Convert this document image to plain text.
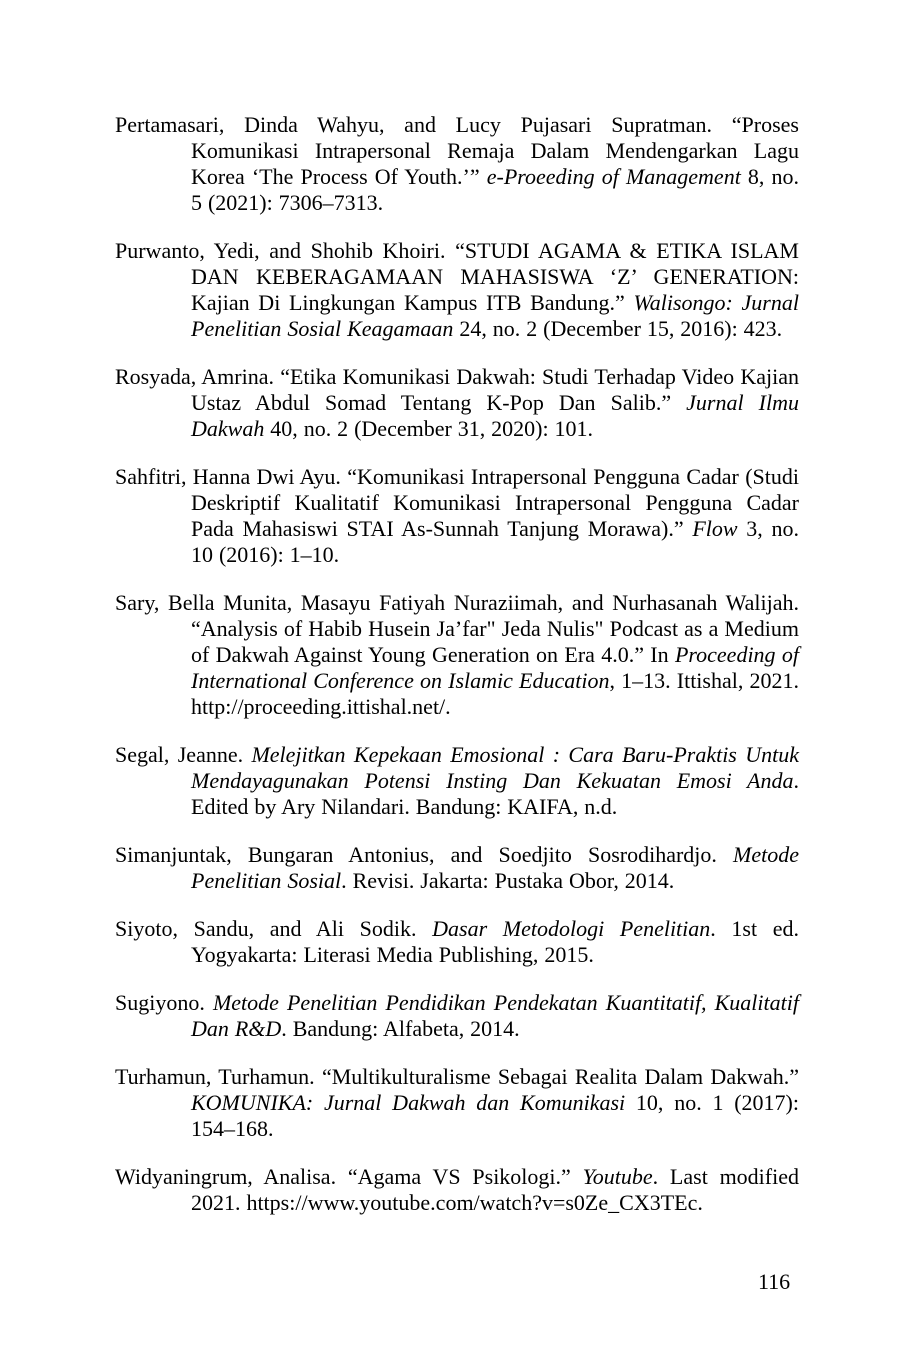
Pertamasari, Dinda Wahyu, and Lucy Pujasari Supratman. “Proses Komunikasi Intrapersonal Remaja Dalam Mendengarkan Lagu Korea ‘The Process Of Youth.’” e-Proeeding of Management 8, no. 5 (2021): 7306–7313.

Purwanto, Yedi, and Shohib Khoiri. “STUDI AGAMA & ETIKA ISLAM DAN KEBERAGAMAAN MAHASISWA ‘Z’ GENERATION: Kajian Di Lingkungan Kampus ITB Bandung.” Walisongo: Jurnal Penelitian Sosial Keagamaan 24, no. 2 (December 15, 2016): 423.

Rosyada, Amrina. “Etika Komunikasi Dakwah: Studi Terhadap Video Kajian Ustaz Abdul Somad Tentang K-Pop Dan Salib.” Jurnal Ilmu Dakwah 40, no. 2 (December 31, 2020): 101.

Sahfitri, Hanna Dwi Ayu. “Komunikasi Intrapersonal Pengguna Cadar (Studi Deskriptif Kualitatif Komunikasi Intrapersonal Pengguna Cadar Pada Mahasiswi STAI As-Sunnah Tanjung Morawa).” Flow 3, no. 10 (2016): 1–10.

Sary, Bella Munita, Masayu Fatiyah Nuraziimah, and Nurhasanah Walijah. “Analysis of Habib Husein Ja’far" Jeda Nulis" Podcast as a Medium of Dakwah Against Young Generation on Era 4.0.” In Proceeding of International Conference on Islamic Education, 1–13. Ittishal, 2021. http://proceeding.ittishal.net/.

Segal, Jeanne. Melejitkan Kepekaan Emosional : Cara Baru-Praktis Untuk Mendayagunakan Potensi Insting Dan Kekuatan Emosi Anda. Edited by Ary Nilandari. Bandung: KAIFA, n.d.

Simanjuntak, Bungaran Antonius, and Soedjito Sosrodihardjo. Metode Penelitian Sosial. Revisi. Jakarta: Pustaka Obor, 2014.

Siyoto, Sandu, and Ali Sodik. Dasar Metodologi Penelitian. 1st ed. Yogyakarta: Literasi Media Publishing, 2015.

Sugiyono. Metode Penelitian Pendidikan Pendekatan Kuantitatif, Kualitatif Dan R&D. Bandung: Alfabeta, 2014.

Turhamun, Turhamun. “Multikulturalisme Sebagai Realita Dalam Dakwah.” KOMUNIKA: Jurnal Dakwah dan Komunikasi 10, no. 1 (2017): 154–168.

Widyaningrum, Analisa. “Agama VS Psikologi.” Youtube. Last modified 2021. https://www.youtube.com/watch?v=s0Ze_CX3TEc.

116
